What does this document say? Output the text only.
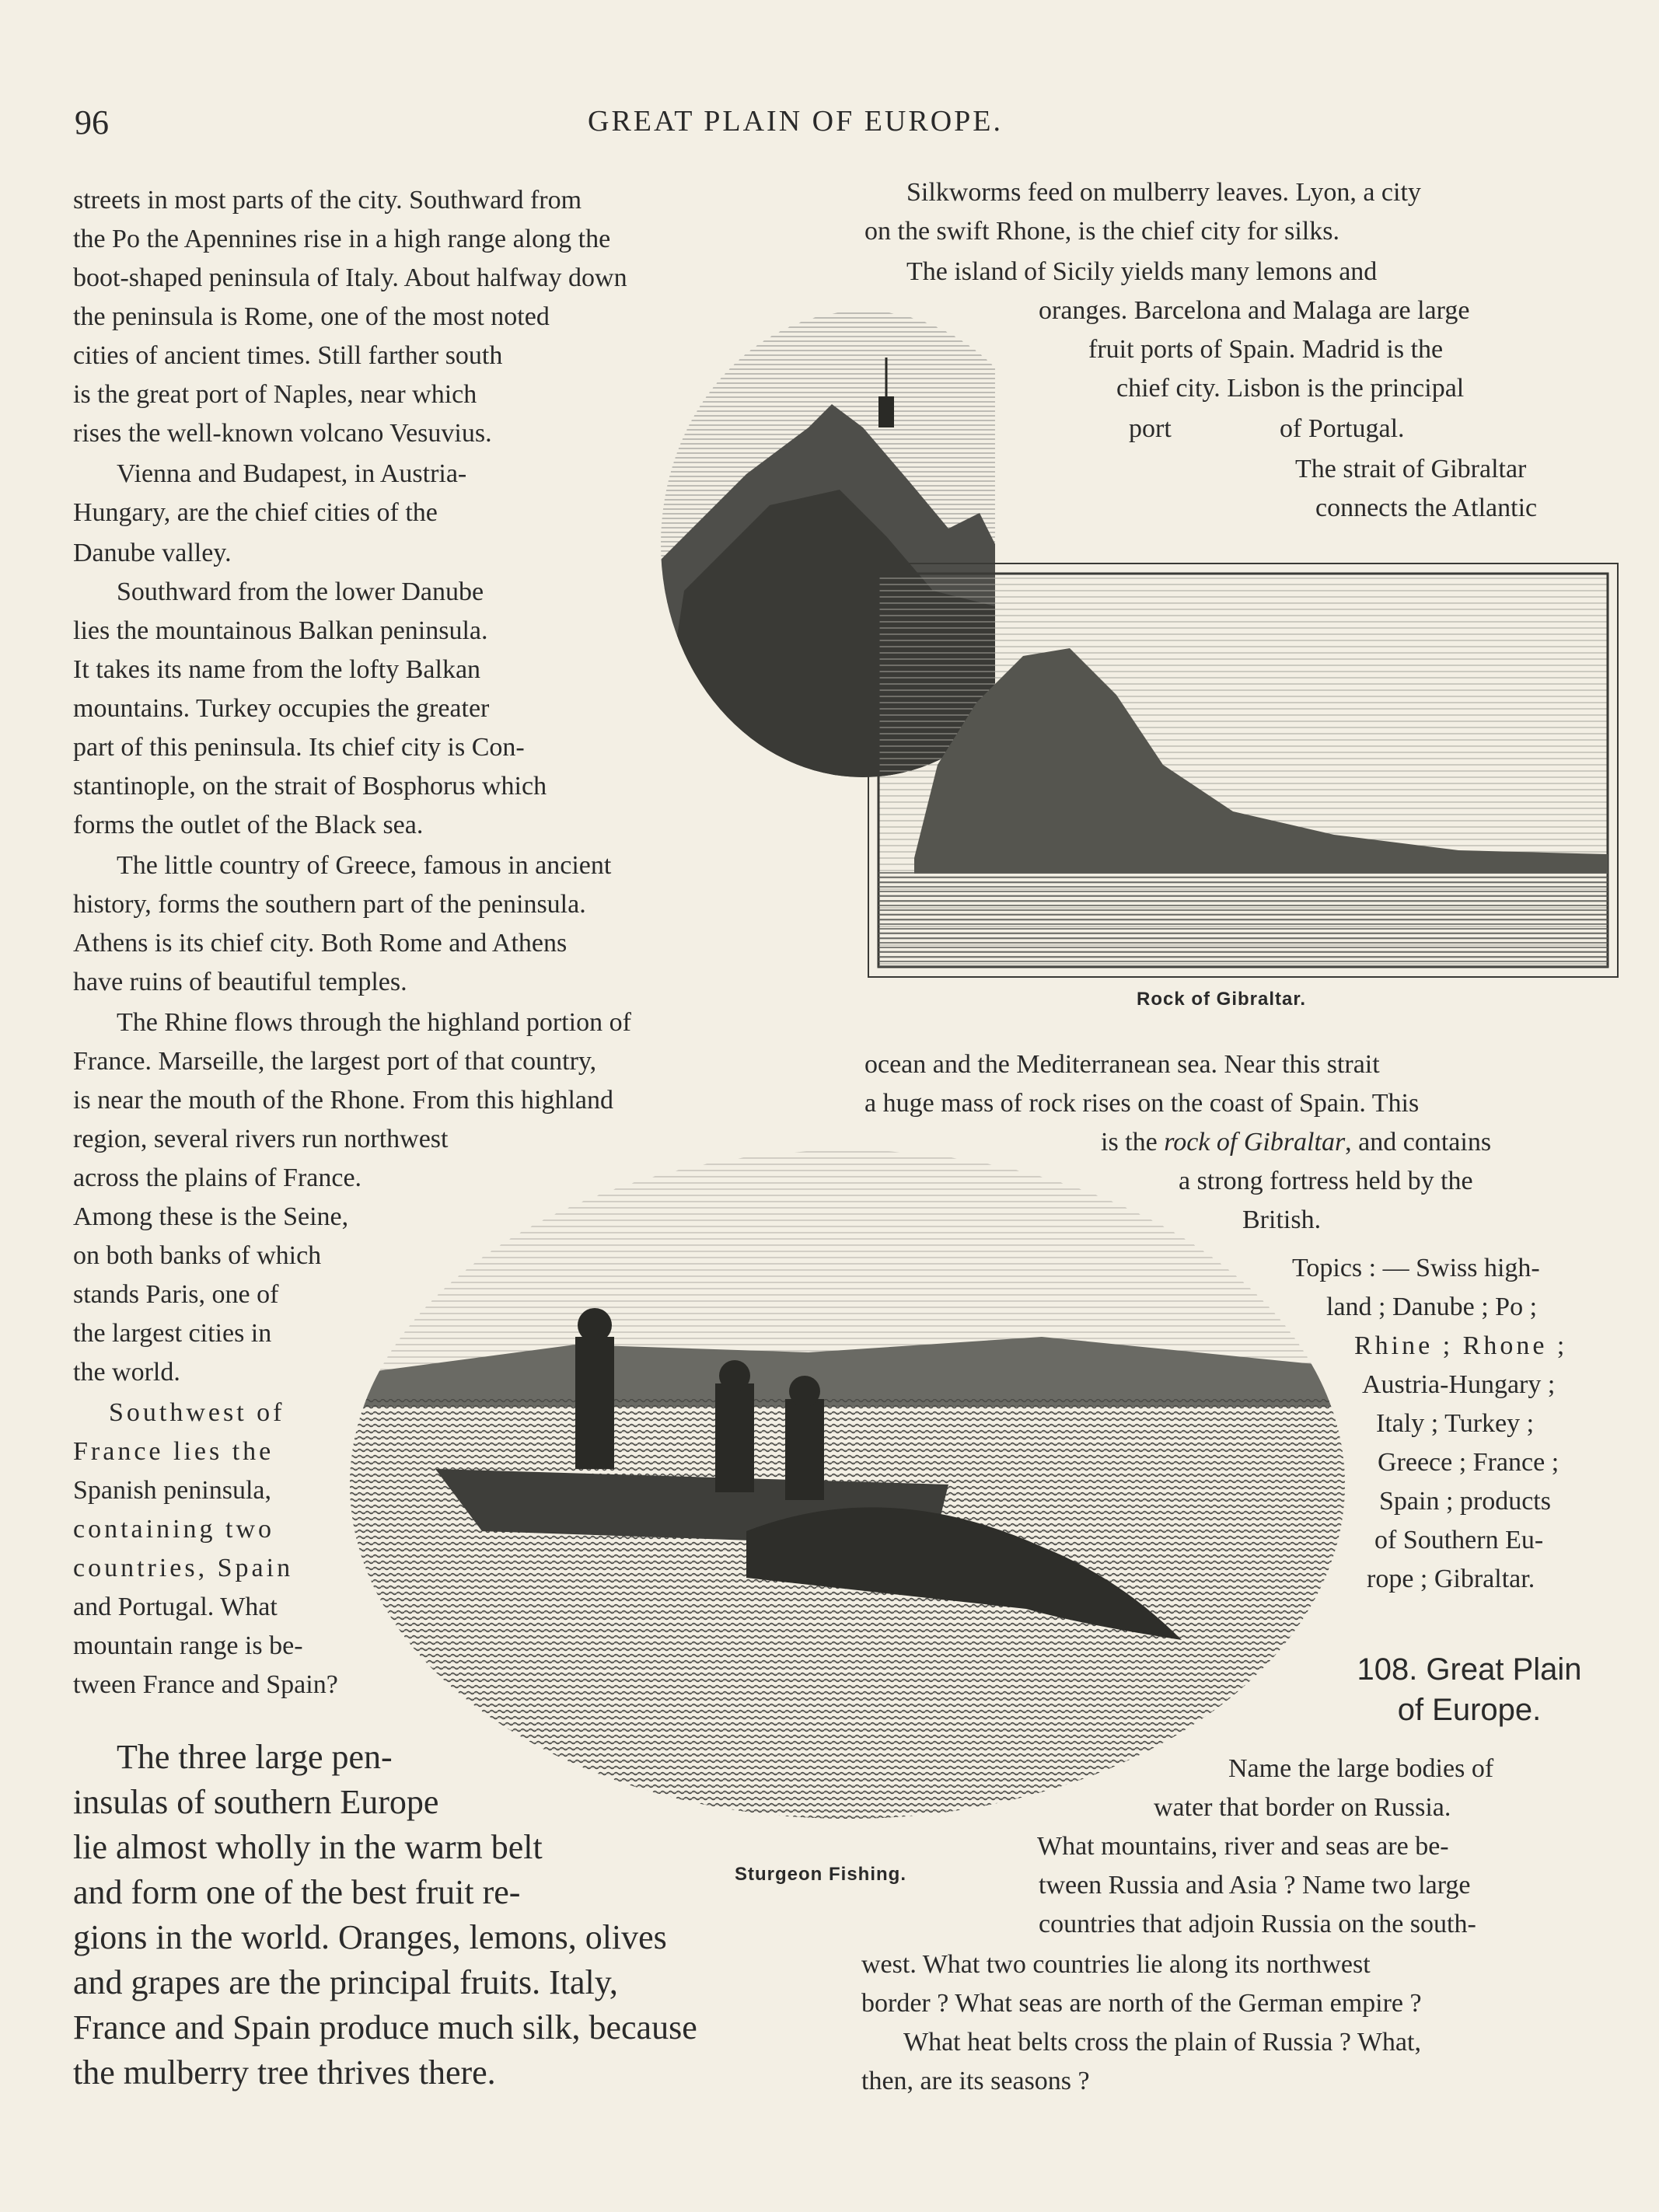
96	GREAT PLAIN OF EUROPE.
Rock of Gibraltar.
Sturgeon Fishing.
streets in most parts of the city. Southward from
the Po the Apennines rise in a high range along the
boot-shaped peninsula of Italy. About halfway down
the peninsula is Rome, one of the most noted
cities of ancient times. Still farther south
is the great port of Naples, near which
rises the well-known volcano Vesuvius.
Vienna and Budapest, in Austria-
Hungary, are the chief cities of the
Danube valley.
Southward from the lower Danube
lies the mountainous Balkan peninsula.
It takes its name from the lofty Balkan
mountains. Turkey occupies the greater
part of this peninsula. Its chief city is Con-
stantinople, on the strait of Bosphorus which
forms the outlet of the Black sea.
The little country of Greece, famous in ancient
history, forms the southern part of the peninsula.
Athens is its chief city. Both Rome and Athens
have ruins of beautiful temples.
The Rhine flows through the highland portion of
France. Marseille, the largest port of that country,
is near the mouth of the Rhone. From this highland
region, several rivers run northwest
across the plains of France.
Among these is the Seine,
on both banks of which
stands Paris, one of
the largest cities in
the world.
Southwest of
France lies the
Spanish peninsula,
containing two
countries, Spain
and Portugal. What
mountain range is be-
tween France and Spain?
The three large pen-
insulas of southern Europe
lie almost wholly in the warm belt
and form one of the best fruit re-
gions in the world. Oranges, lemons, olives
and grapes are the principal fruits. Italy,
France and Spain produce much silk, because
the mulberry tree thrives there.
Silkworms feed on mulberry leaves. Lyon, a city
on the swift Rhone, is the chief city for silks.
The island of Sicily yields many lemons and
oranges. Barcelona and Malaga are large
fruit ports of Spain. Madrid is the
chief city. Lisbon is the principal
port	of Portugal.
The strait of Gibraltar
connects the Atlantic
ocean and the Mediterranean sea. Near this strait
a huge mass of rock rises on the coast of Spain. This
is the rock of Gibraltar, and contains
a strong fortress held by the
British.
Topics : — Swiss high-
land ; Danube ; Po ;
Rhine ; Rhone ;
Austria-Hungary ;
Italy ; Turkey ;
Greece ; France ;
Spain ; products
of Southern Eu-
rope ; Gibraltar.
108. Great Plain
of Europe.
Name the large bodies of
water that border on Russia.
What mountains, river and seas are be-
tween Russia and Asia ? Name two large
countries that adjoin Russia on the south-
west. What two countries lie along its northwest
border ? What seas are north of the German empire ?
What heat belts cross the plain of Russia ? What,
then, are its seasons ?
